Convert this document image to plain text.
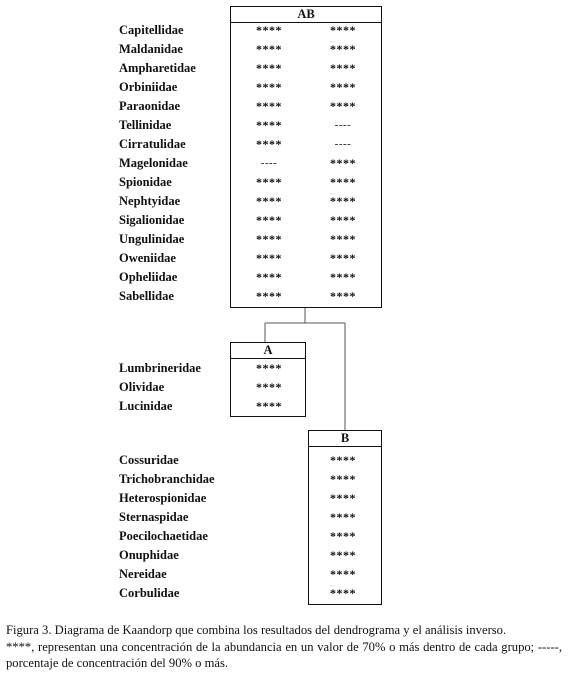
Capitellidae
Maldanidae
Ampharetidae
Orbiniidae
Paraonidae
Tellinidae
Cirratulidae
Magelonidae
Spionidae
Nephtyidae
Sigalionidae
Ungulinidae
Oweniidae
Opheliidae
Sabellidae
AB
****
****
****
****
****
****
****
----
****
****
****
****
****
****
****
****
****
****
****
****
----
----
****
****
****
****
****
****
****
****
Lumbrineridae
Olividae
Lucinidae
A
****
****
****
Cossuridae
Trichobranchidae
Heterospionidae
Sternaspidae
Poecilochaetidae
Onuphidae
Nereidae
Corbulidae
B
****
****
****
****
****
****
****
****

Figura 3. Diagrama de Kaandorp que combina los resultados del dendrograma y el análisis inverso.

****, representan una concentración de la abundancia en un valor de 70% o más dentro de cada grupo; -----, porcentaje de concentración del 90% o más.
